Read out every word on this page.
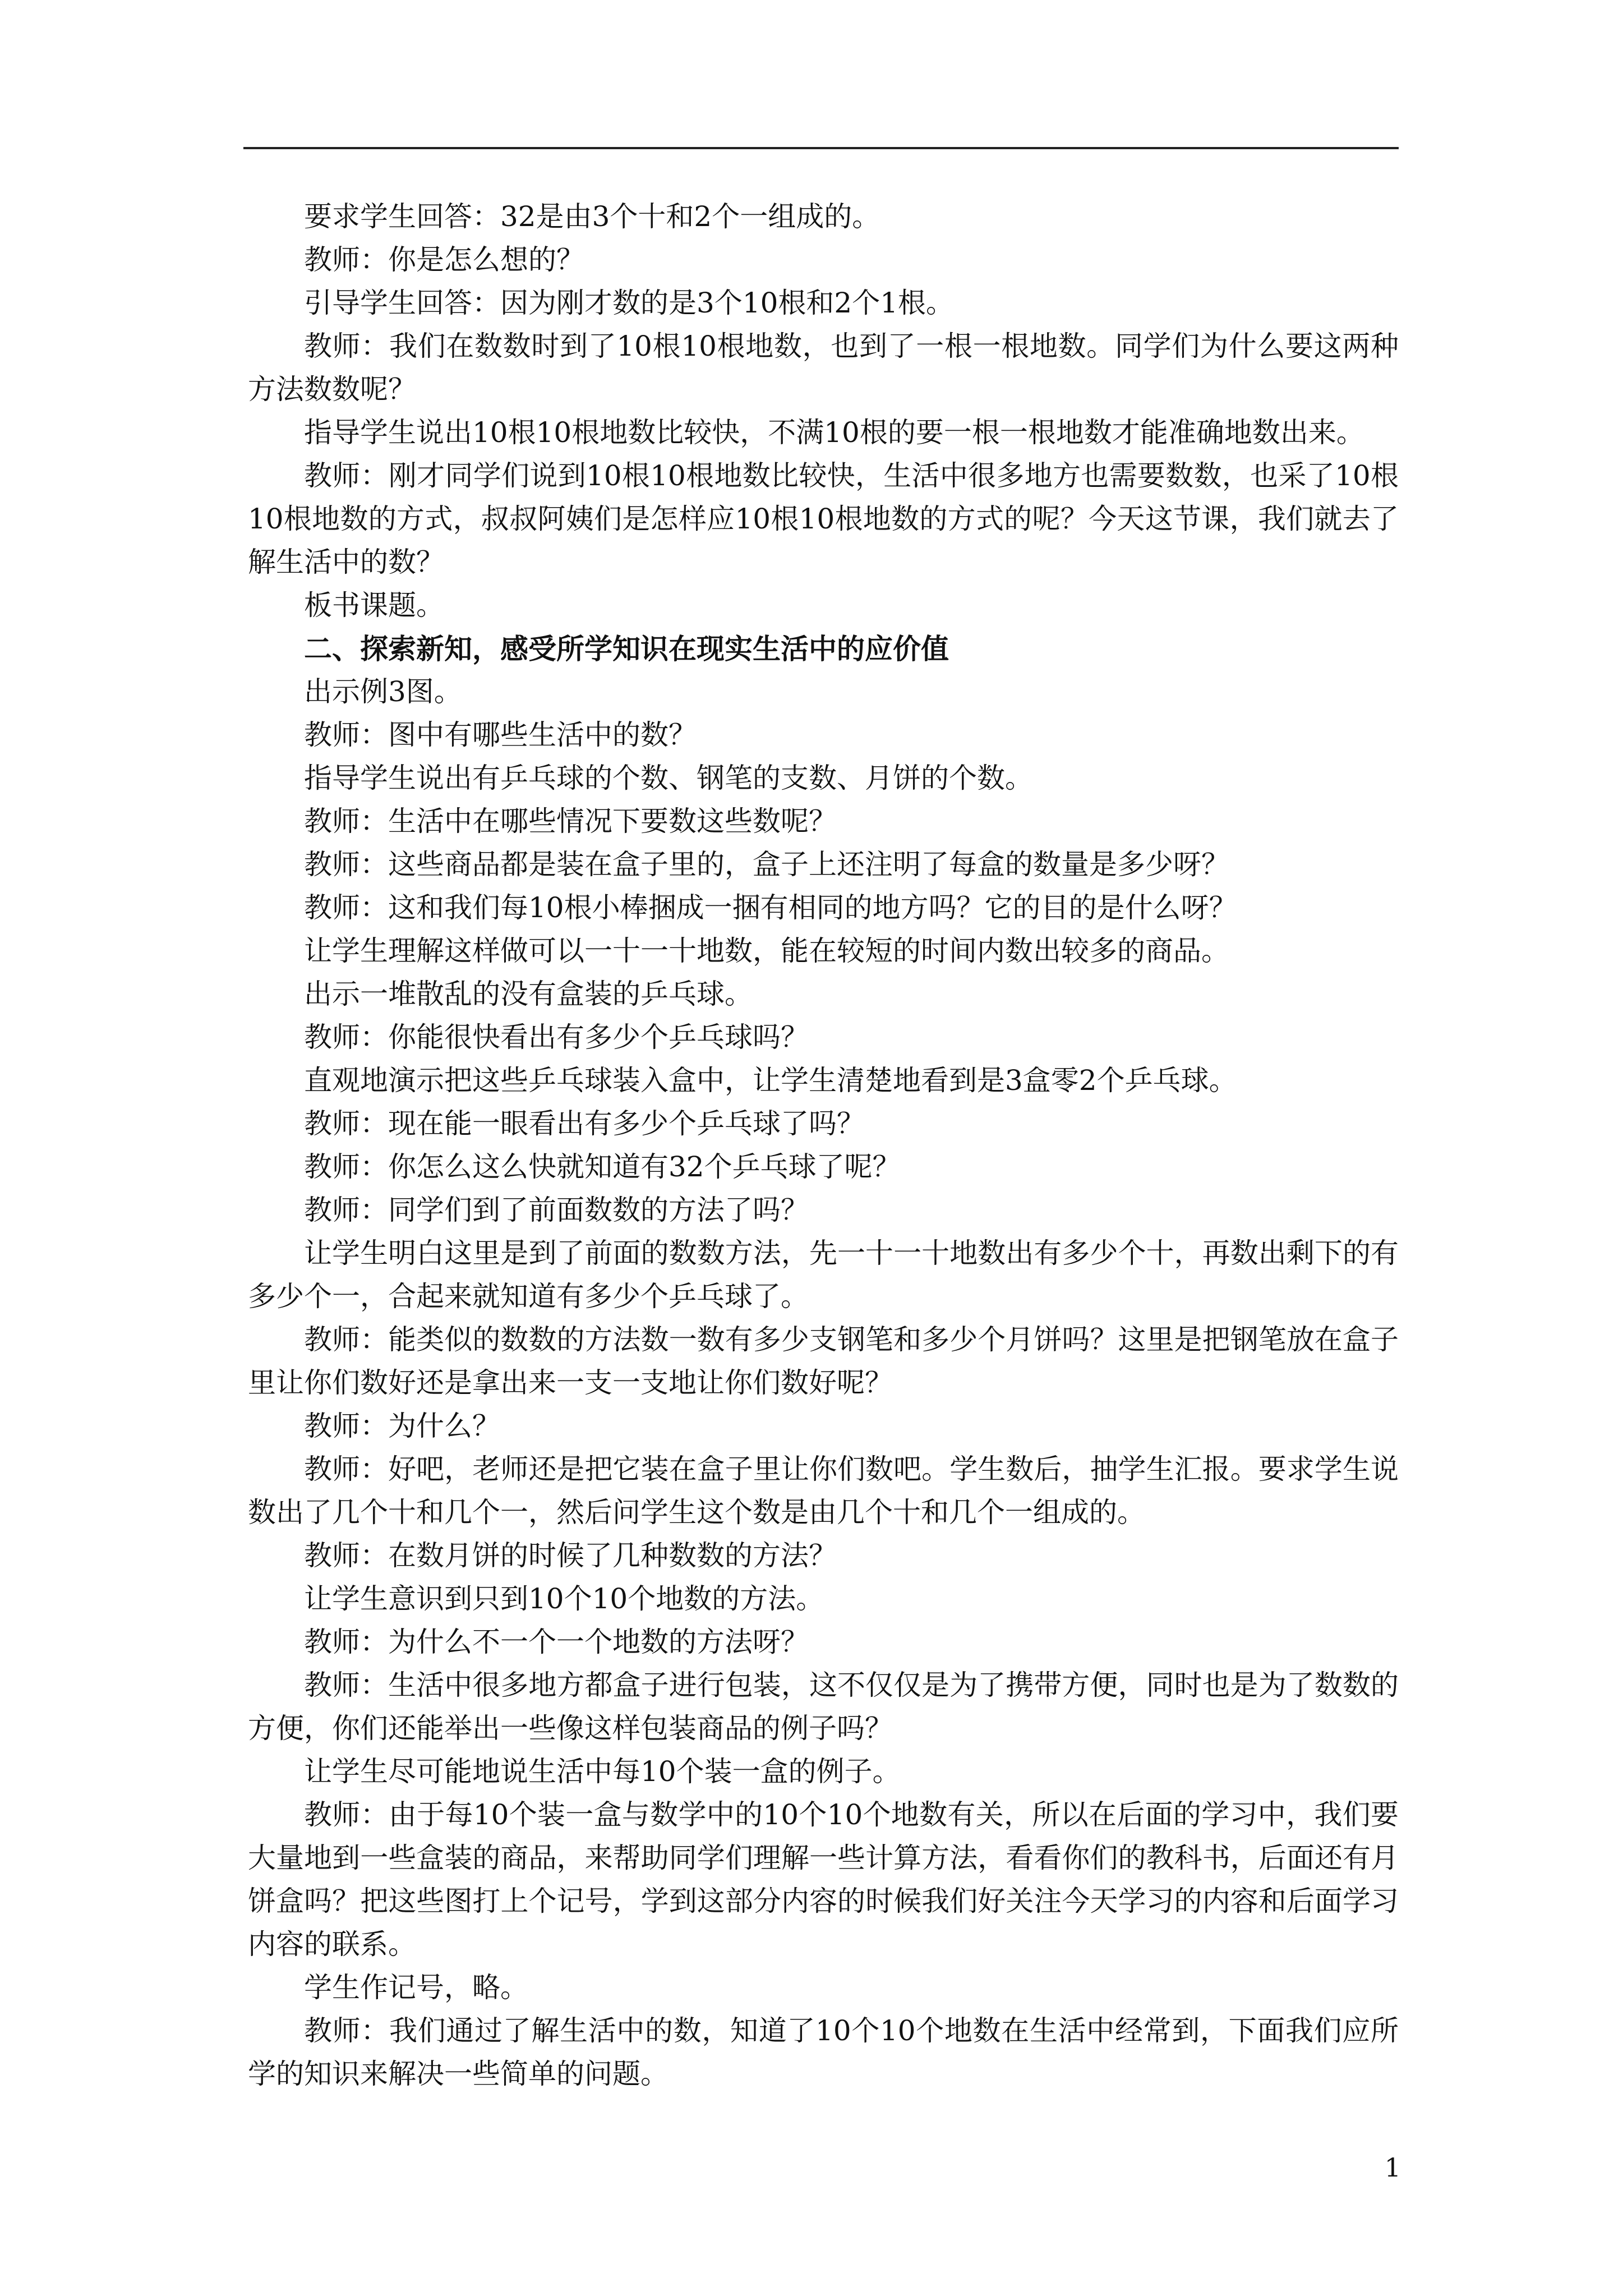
要求学生回答：32是由3个十和2个一组成的。

教师：你是怎么想的？

引导学生回答：因为刚才数的是3个10根和2个1根。

教师：我们在数数时到了10根10根地数，也到了一根一根地数。同学们为什么要这两种方法数数呢？

指导学生说出10根10根地数比较快，不满10根的要一根一根地数才能准确地数出来。

教师：刚才同学们说到10根10根地数比较快，生活中很多地方也需要数数，也采了10根10根地数的方式，叔叔阿姨们是怎样应10根10根地数的方式的呢？今天这节课，我们就去了解生活中的数？

板书课题。

二、探索新知，感受所学知识在现实生活中的应价值

出示例3图。

教师：图中有哪些生活中的数？

指导学生说出有乒乓球的个数、钢笔的支数、月饼的个数。

教师：生活中在哪些情况下要数这些数呢？

教师：这些商品都是装在盒子里的，盒子上还注明了每盒的数量是多少呀？

教师：这和我们每10根小棒捆成一捆有相同的地方吗？它的目的是什么呀？

让学生理解这样做可以一十一十地数，能在较短的时间内数出较多的商品。

出示一堆散乱的没有盒装的乒乓球。

教师：你能很快看出有多少个乒乓球吗？

直观地演示把这些乒乓球装入盒中，让学生清楚地看到是3盒零2个乒乓球。

教师：现在能一眼看出有多少个乒乓球了吗？

教师：你怎么这么快就知道有32个乒乓球了呢？

教师：同学们到了前面数数的方法了吗？

让学生明白这里是到了前面的数数方法，先一十一十地数出有多少个十，再数出剩下的有多少个一，合起来就知道有多少个乒乓球了。

教师：能类似的数数的方法数一数有多少支钢笔和多少个月饼吗？这里是把钢笔放在盒子里让你们数好还是拿出来一支一支地让你们数好呢？

教师：为什么？

教师：好吧，老师还是把它装在盒子里让你们数吧。学生数后，抽学生汇报。要求学生说数出了几个十和几个一，然后问学生这个数是由几个十和几个一组成的。

教师：在数月饼的时候了几种数数的方法？

让学生意识到只到10个10个地数的方法。

教师：为什么不一个一个地数的方法呀？

教师：生活中很多地方都盒子进行包装，这不仅仅是为了携带方便，同时也是为了数数的方便，你们还能举出一些像这样包装商品的例子吗？

让学生尽可能地说生活中每10个装一盒的例子。

教师：由于每10个装一盒与数学中的10个10个地数有关，所以在后面的学习中，我们要大量地到一些盒装的商品，来帮助同学们理解一些计算方法，看看你们的教科书，后面还有月饼盒吗？把这些图打上个记号，学到这部分内容的时候我们好关注今天学习的内容和后面学习内容的联系。

学生作记号，略。

教师：我们通过了解生活中的数，知道了10个10个地数在生活中经常到，下面我们应所学的知识来解决一些简单的问题。

1
